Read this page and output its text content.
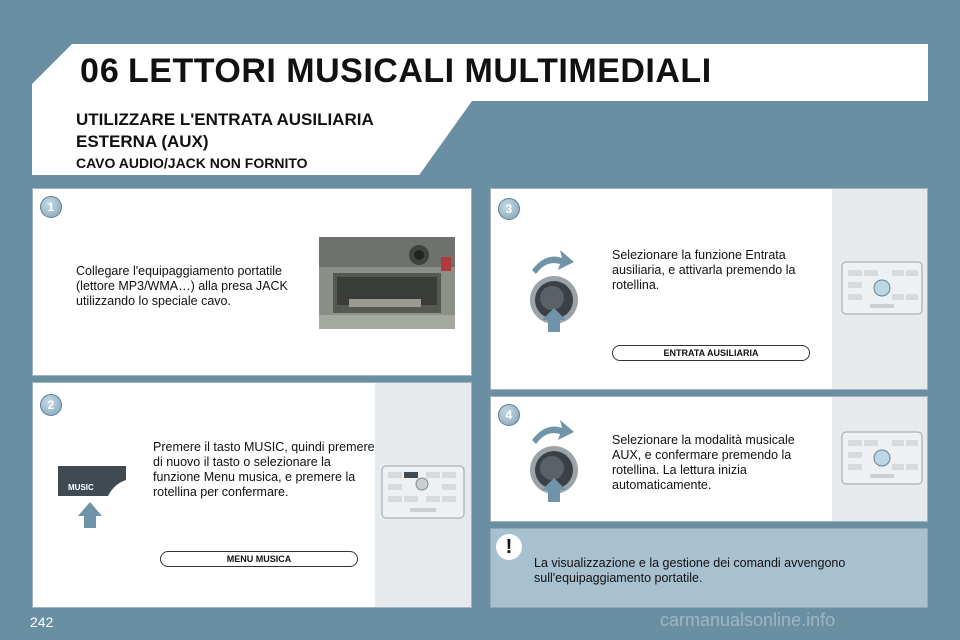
06 LETTORI MUSICALI MULTIMEDIALI
UTILIZZARE L'ENTRATA AUSILIARIA ESTERNA (AUX)
CAVO AUDIO/JACK NON FORNITO
1
Collegare l'equipaggiamento portatile (lettore MP3/WMA…) alla presa JACK utilizzando lo speciale cavo.
2
Premere il tasto MUSIC, quindi premere di nuovo il tasto o selezionare la funzione Menu musica, e premere la rotellina per confermare.
MUSIC
MENU MUSICA
3
Selezionare la funzione Entrata ausiliaria, e attivarla premendo la rotellina.
ENTRATA AUSILIARIA
4
Selezionare la modalità musicale AUX, e confermare premendo la rotellina. La lettura inizia automaticamente.
!
La visualizzazione e la gestione dei comandi avvengono sull'equipaggiamento portatile.
242	carmanualsonline.info
